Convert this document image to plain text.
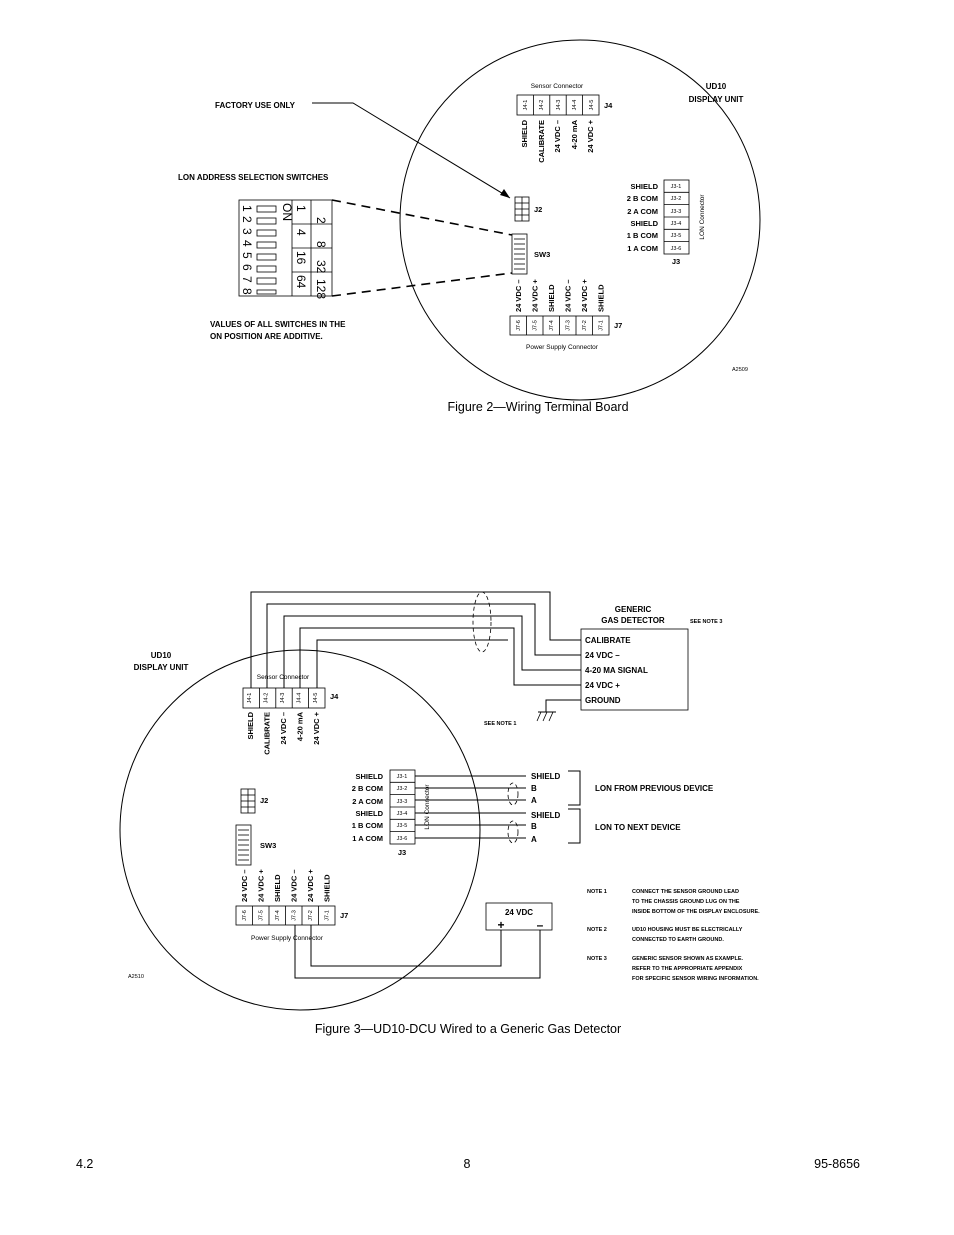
UD10
DISPLAY UNIT
Sensor Connector
J4-1 J4-2 J4-3 J4-4 J4-5 J4
SHIELD CALIBRATE 24 VDC – 4-20 mA 24 VDC +
FACTORY USE ONLY
J2
LON ADDRESS SELECTION SWITCHES
ON
1
2
3
4
5
6
7
8
1
2
4
8
16
32
64 128
SW3
J3-1
J3-2
J3-3
J3-4
J3-5
J3-6
SHIELD
2 B COM
2 A COM
SHIELD
1 B COM
1 A COM
LON Connector
J3
J7-6 J7-5 J7-4 J7-3 J7-2 J7-1
24 VDC – 24 VDC + SHIELD 24 VDC – 24 VDC + SHIELD
J7
Power Supply Connector
VALUES OF ALL SWITCHES IN THE
ON POSITION ARE ADDITIVE.
A2509
Figure 2—Wiring Terminal Board
UD10
DISPLAY UNIT
Sensor Connector
J4-1 J4-2 J4-3 J4-4 J4-5 J4
SHIELD CALIBRATE 24 VDC – 4-20 mA 24 VDC +
GENERIC
GAS DETECTOR	SEE NOTE 3
CALIBRATE
24 VDC –
4-20 MA SIGNAL
24 VDC +
GROUND
SEE NOTE 1
J2
SW3
J3-1
J3-2
J3-3
J3-4
J3-5
J3-6
SHIELD
2 B COM
2 A COM
SHIELD
1 B COM
1 A COM
LON Connector
J3
SHIELD
B
A
LON FROM PREVIOUS DEVICE
SHIELD
B
A
LON TO NEXT DEVICE
J7-6 J7-5 J7-4 J7-3 J7-2 J7-1
24 VDC – 24 VDC + SHIELD 24 VDC – 24 VDC + SHIELD
J7
Power Supply Connector
24 VDC
+	–
NOTE 1	CONNECT THE SENSOR GROUND LEAD
TO THE CHASSIS GROUND LUG ON THE
INSIDE BOTTOM OF THE DISPLAY ENCLOSURE.
NOTE 2	UD10 HOUSING MUST BE ELECTRICALLY
CONNECTED TO EARTH GROUND.
NOTE 3	GENERIC SENSOR SHOWN AS EXAMPLE.
REFER TO THE APPROPRIATE APPENDIX
FOR SPECIFIC SENSOR WIRING INFORMATION.
A2510
Figure 3—UD10-DCU Wired to a Generic Gas Detector
4.2	8	95-8656
